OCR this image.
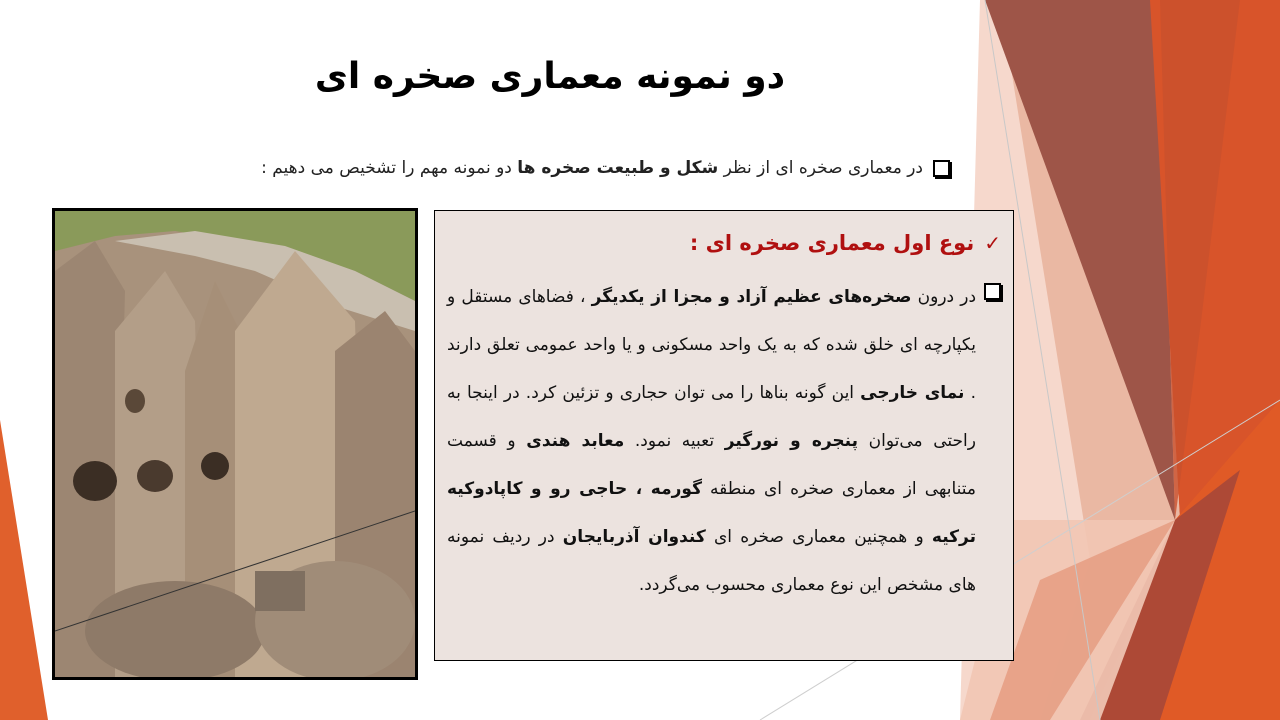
دو نمونه معماری صخره ای
در معماری صخره ای از نظر شکل و طبیعت صخره ها دو نمونه مهم را تشخیص می دهیم :
✓
نوع اول معماری صخره ای :
در درون صخره‌های عظیم آزاد و مجزا از یکدیگر ، فضاهای مستقل و یکپارچه ای خلق شده که به یک واحد مسکونی و یا واحد عمومی تعلق دارند . نمای خارجی این گونه بناها را می توان حجاری و تزئین کرد. در اینجا به راحتی می‌توان پنجره و نورگیر تعبیه نمود. معابد هندی و قسمت متنابهی از معماری صخره ای منطقه گورمه ، حاجی رو و کاپادوکیه ترکیه و همچنین معماری صخره ای کندوان آذربایجان در ردیف نمونه های مشخص این نوع معماری محسوب می‌گردد.
